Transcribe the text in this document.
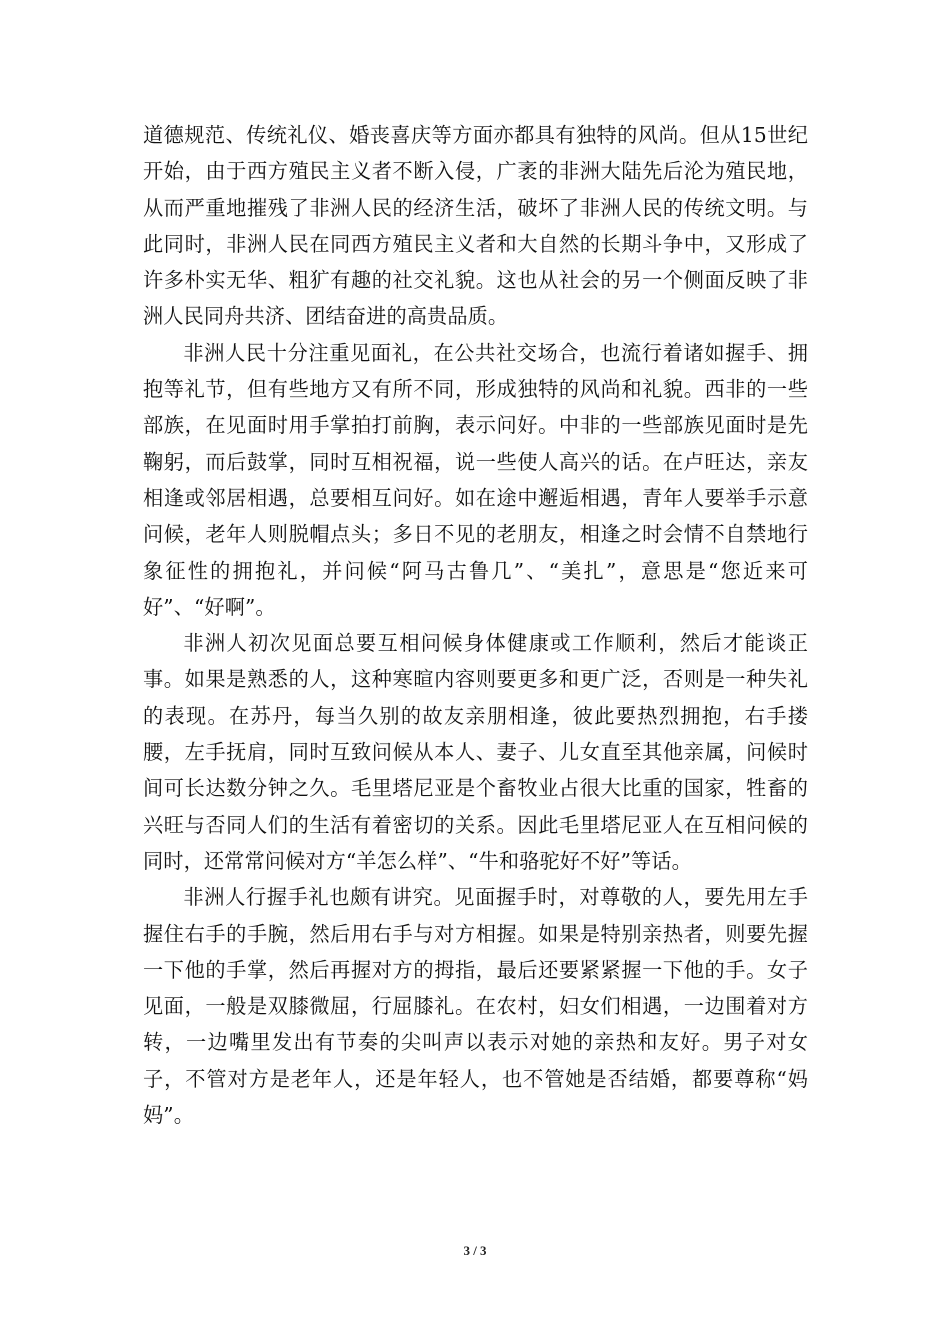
道德规范、传统礼仪、婚丧喜庆等方面亦都具有独特的风尚。但从15世纪开始，由于西方殖民主义者不断入侵，广袤的非洲大陆先后沦为殖民地，从而严重地摧残了非洲人民的经济生活，破坏了非洲人民的传统文明。与此同时，非洲人民在同西方殖民主义者和大自然的长期斗争中，又形成了许多朴实无华、粗犷有趣的社交礼貌。这也从社会的另一个侧面反映了非洲人民同舟共济、团结奋进的高贵品质。

非洲人民十分注重见面礼，在公共社交场合，也流行着诸如握手、拥抱等礼节，但有些地方又有所不同，形成独特的风尚和礼貌。西非的一些部族，在见面时用手掌拍打前胸，表示问好。中非的一些部族见面时是先鞠躬，而后鼓掌，同时互相祝福，说一些使人高兴的话。在卢旺达，亲友相逢或邻居相遇，总要相互问好。如在途中邂逅相遇，青年人要举手示意问候，老年人则脱帽点头；多日不见的老朋友，相逢之时会情不自禁地行象征性的拥抱礼，并问候“阿马古鲁几”、“美扎”，意思是“您近来可好”、“好啊”。

非洲人初次见面总要互相问候身体健康或工作顺利，然后才能谈正事。如果是熟悉的人，这种寒暄内容则要更多和更广泛，否则是一种失礼的表现。在苏丹，每当久别的故友亲朋相逢，彼此要热烈拥抱，右手搂腰，左手抚肩，同时互致问候从本人、妻子、儿女直至其他亲属，问候时间可长达数分钟之久。毛里塔尼亚是个畜牧业占很大比重的国家，牲畜的兴旺与否同人们的生活有着密切的关系。因此毛里塔尼亚人在互相问候的同时，还常常问候对方“羊怎么样”、“牛和骆驼好不好”等话。

非洲人行握手礼也颇有讲究。见面握手时，对尊敬的人，要先用左手握住右手的手腕，然后用右手与对方相握。如果是特别亲热者，则要先握一下他的手掌，然后再握对方的拇指，最后还要紧紧握一下他的手。女子见面，一般是双膝微屈，行屈膝礼。在农村，妇女们相遇，一边围着对方转，一边嘴里发出有节奏的尖叫声以表示对她的亲热和友好。男子对女子，不管对方是老年人，还是年轻人，也不管她是否结婚，都要尊称“妈妈”。

3 / 3
